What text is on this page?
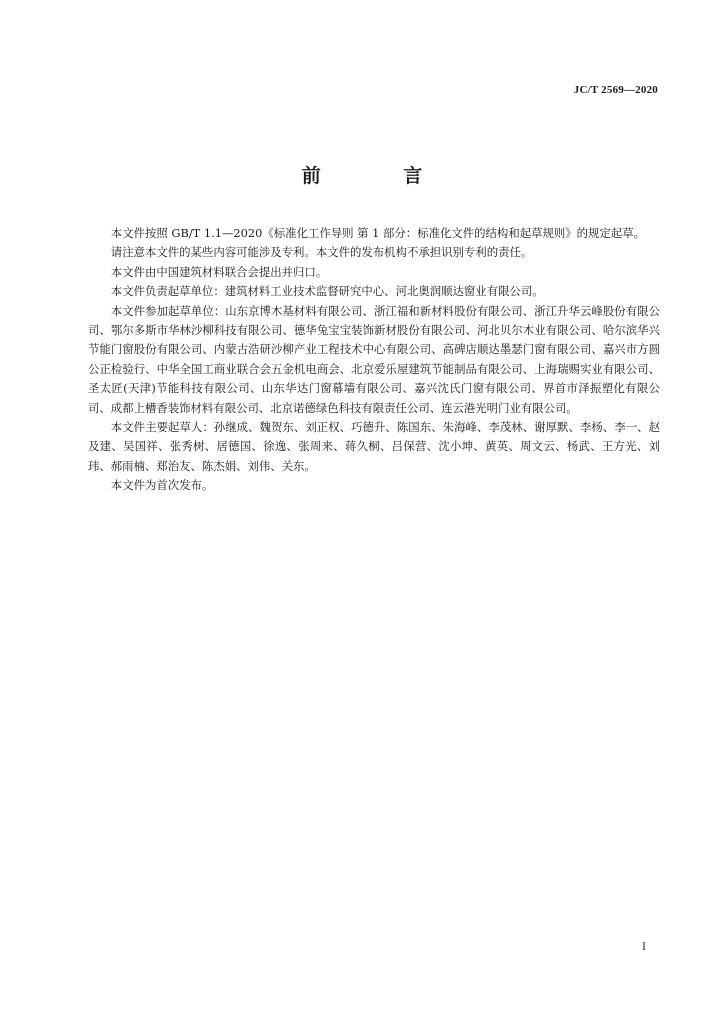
JC/T 2569—2020
前 言

本文件按照 GB/T 1.1—2020《标准化工作导则 第 1 部分：标准化文件的结构和起草规则》的规定起草。

请注意本文件的某些内容可能涉及专利。本文件的发布机构不承担识别专利的责任。

本文件由中国建筑材料联合会提出并归口。

本文件负责起草单位：建筑材料工业技术监督研究中心、河北奥润顺达窗业有限公司。

本文件参加起草单位：山东京博木基材料有限公司、浙江福和新材料股份有限公司、浙江升华云峰股份有限公司、鄂尔多斯市华林沙柳科技有限公司、德华兔宝宝装饰新材股份有限公司、河北贝尔木业有限公司、哈尔滨华兴节能门窗股份有限公司、内蒙古浩研沙柳产业工程技术中心有限公司、高碑店顺达墨瑟门窗有限公司、嘉兴市方圆公正检验行、中华全国工商业联合会五金机电商会、北京爱乐屋建筑节能制品有限公司、上海瑞赐实业有限公司、圣太匠(天津)节能科技有限公司、山东华达门窗幕墙有限公司、嘉兴沈氏门窗有限公司、界首市泽振塑化有限公司、成都上槽香装饰材料有限公司、北京诺德绿色科技有限责任公司、连云港光明门业有限公司。

本文件主要起草人：孙继成、魏贺东、刘正权、巧德升、陈国东、朱海峰、李茂林、谢厚默、李杨、李一、赵及建、吴国祥、张秀树、居德国、徐逸、张周来、蒋久桐、吕保营、沈小坤、黄英、周文云、杨武、王方光、刘玮、郝雨楠、郑治友、陈杰娟、刘伟、关东。

本文件为首次发布。

I
